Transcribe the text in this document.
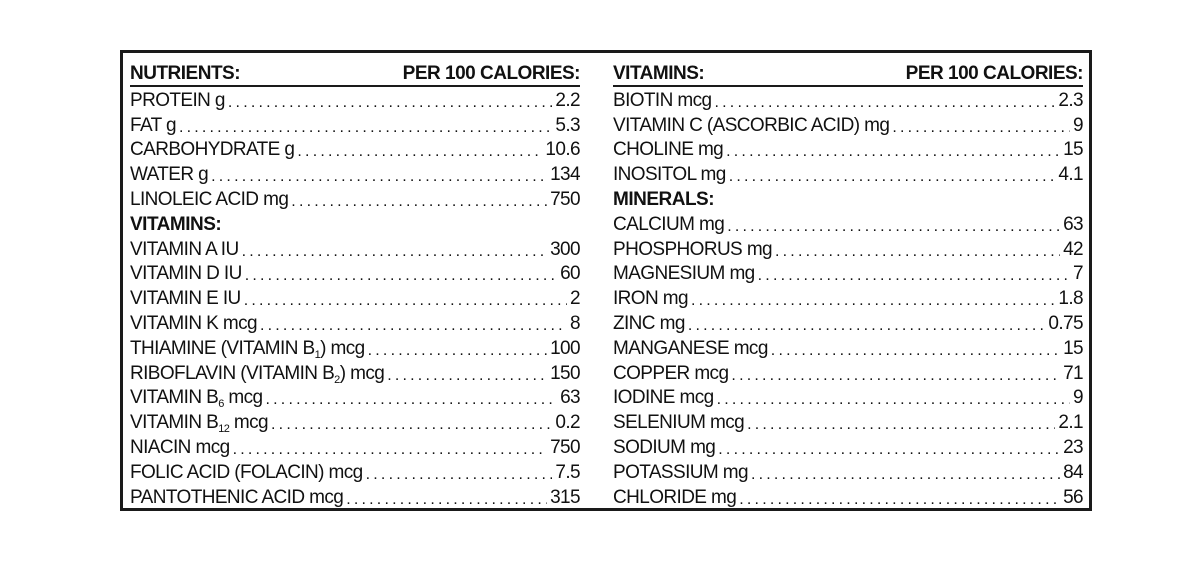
NUTRIENTS:	PER 100 CALORIES:
PROTEIN g .....	2.2
FAT g .....	5.3
CARBOHYDRATE g .....	10.6
WATER g .....	134
LINOLEIC ACID mg .....	750
VITAMINS:
VITAMIN A IU .....	300
VITAMIN D IU .....	60
VITAMIN E IU .....	2
VITAMIN K mcg .....	8
THIAMINE (VITAMIN $B_1$) mcg .....	100
RIBOFLAVIN (VITAMIN $B_2$) mcg .....	150
VITAMIN $B_6$ mcg .....	63
VITAMIN $B_{12}$ mcg .....	0.2
NIACIN mcg .....	750
FOLIC ACID (FOLACIN) mcg .....	7.5
PANTOTHENIC ACID mcg .....	315
VITAMINS:	PER 100 CALORIES:
BIOTIN mcg .....	2.3
VITAMIN C (ASCORBIC ACID) mg .....	9
CHOLINE mg .....	15
INOSITOL mg .....	4.1
MINERALS:
CALCIUM mg .....	63
PHOSPHORUS mg .....	42
MAGNESIUM mg .....	7
IRON mg .....	1.8
ZINC mg .....	0.75
MANGANESE mcg .....	15
COPPER mcg .....	71
IODINE mcg .....	9
SELENIUM mcg .....	2.1
SODIUM mg .....	23
POTASSIUM mg .....	84
CHLORIDE mg .....	56
